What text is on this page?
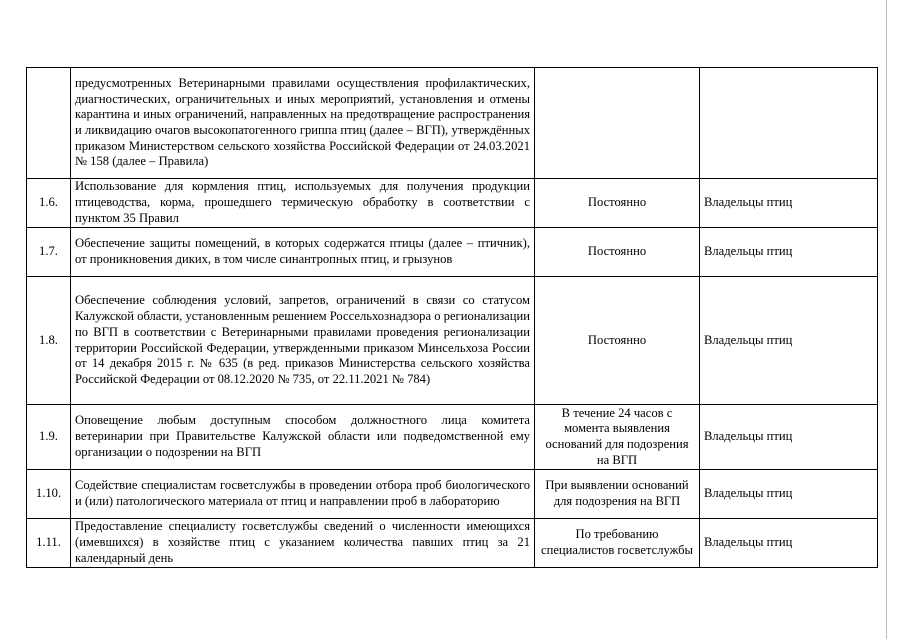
	предусмотренных Ветеринарными правилами осуществления профилактических, диагностических, ограничительных и иных мероприятий, установления и отмены карантина и иных ограничений, направленных на предотвращение распространения и ликвидацию очагов высокопатогенного гриппа птиц (далее – ВГП), утверждённых приказом Министерством сельского хозяйства Российской Федерации от 24.03.2021 № 158 (далее – Правила)		
1.6.	Использование для кормления птиц, используемых для получения продукции птицеводства, корма, прошедшего термическую обработку в соответствии с пунктом 35 Правил	Постоянно	Владельцы птиц
1.7.	Обеспечение защиты помещений, в которых содержатся птицы (далее – птичник), от проникновения диких, в том числе синантропных птиц, и грызунов	Постоянно	Владельцы птиц
1.8.	Обеспечение соблюдения условий, запретов, ограничений в связи со статусом Калужской области, установленным решением Россельхознадзора о регионализации по ВГП в соответствии с Ветеринарными правилами проведения регионализации территории Российской Федерации, утвержденными приказом Минсельхоза России от 14 декабря 2015 г. № 635 (в ред. приказов Министерства сельского хозяйства Российской Федерации от 08.12.2020 № 735, от 22.11.2021 № 784)	Постоянно	Владельцы птиц
1.9.	Оповещение любым доступным способом должностного лица комитета ветеринарии при Правительстве Калужской области или подведомственной ему организации о подозрении на ВГП	В течение 24 часов с момента выявления оснований для подозрения на ВГП	Владельцы птиц
1.10.	Содействие специалистам госветслужбы в проведении отбора проб биологического и (или) патологического материала от птиц и направлении проб в лабораторию	При выявлении оснований для подозрения на ВГП	Владельцы птиц
1.11.	Предоставление специалисту госветслужбы сведений о численности имеющихся (имевшихся) в хозяйстве птиц с указанием количества павших птиц за 21 календарный день	По требованию специалистов госветслужбы	Владельцы птиц
